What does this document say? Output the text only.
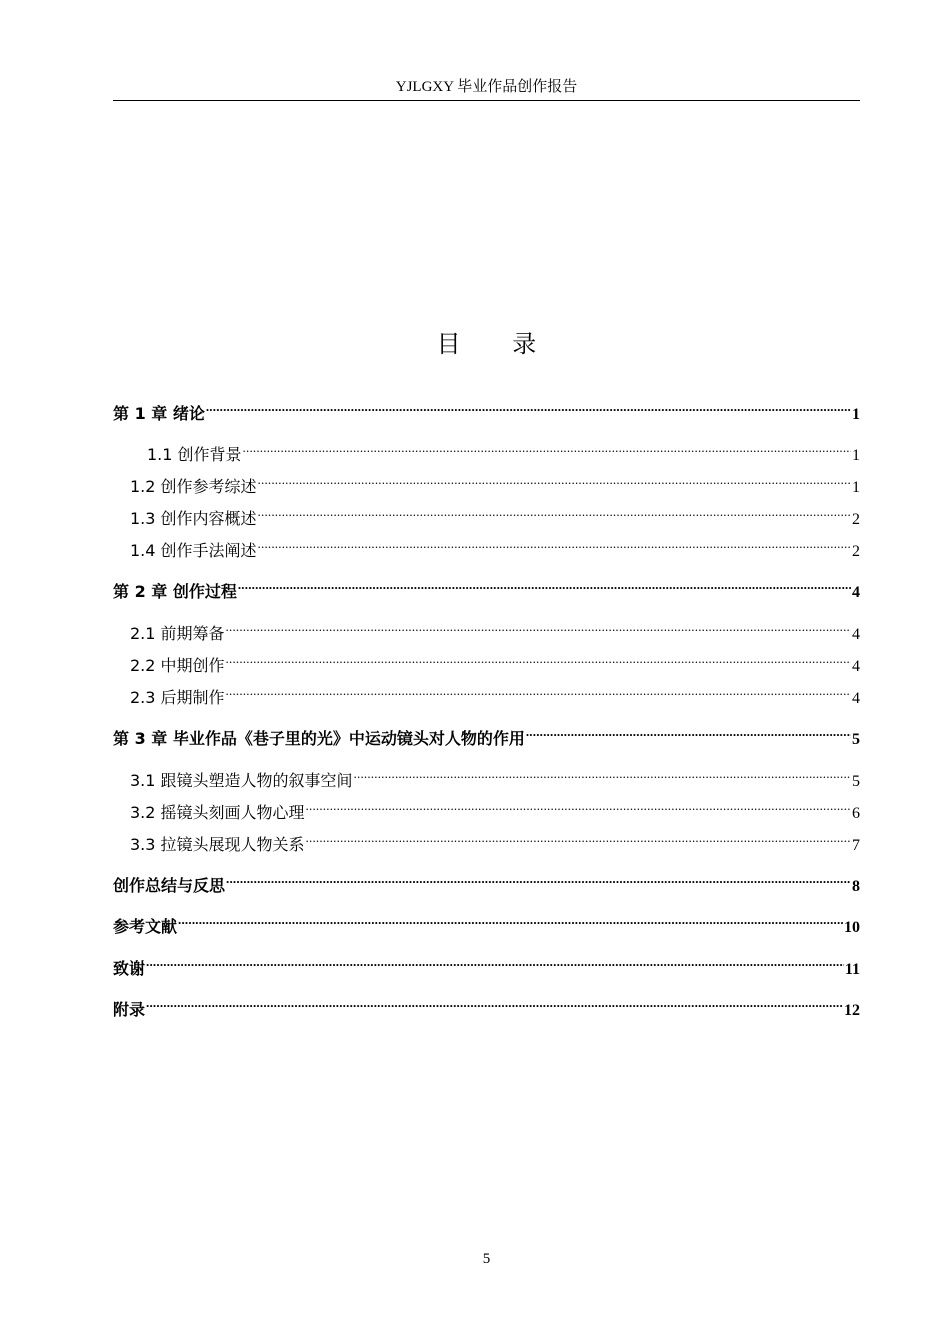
YJLGXY 毕业作品创作报告
目 录
第 1 章 绪论 .....	1
1.1 创作背景 .....	1
1.2 创作参考综述 .....	1
1.3 创作内容概述 .....	2
1.4 创作手法阐述 .....	2
第 2 章 创作过程 .....	4
2.1 前期筹备 .....	4
2.2 中期创作 .....	4
2.3 后期制作 .....	4
第 3 章 毕业作品《巷子里的光》中运动镜头对人物的作用 .....	5
3.1 跟镜头塑造人物的叙事空间 .....	5
3.2 摇镜头刻画人物心理 .....	6
3.3 拉镜头展现人物关系 .....	7
创作总结与反思 .....	8
参考文献 .....	10
致谢 .....	11
附录 .....	12
5
